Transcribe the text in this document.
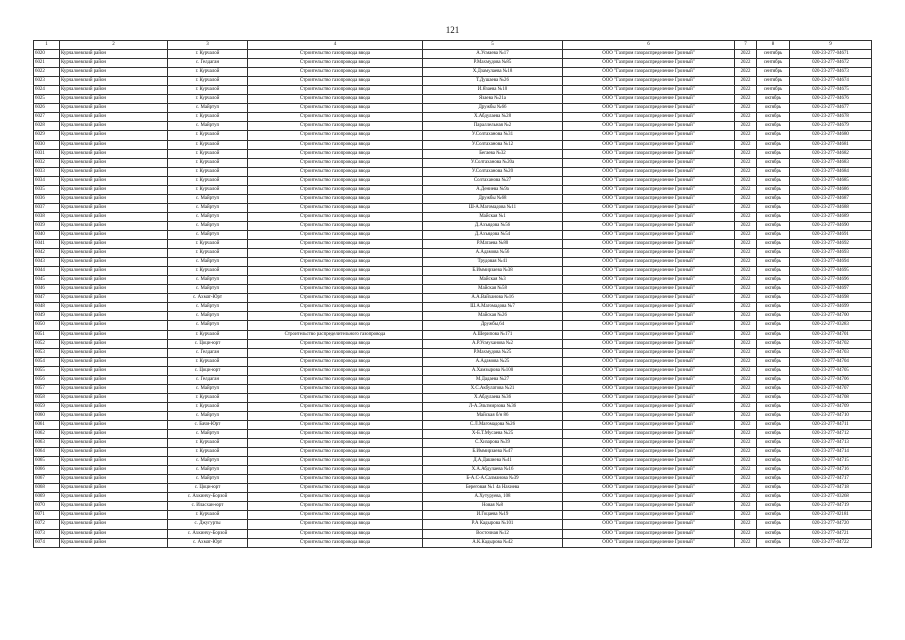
121
1	2	3	4	5	6	7	8	9
6020	Курчалоевский район	г. Курчалой	Строительство газопровода ввода	А.Усмаева №17	ООО "Газпром газораспределение Грозный"	2022	сентябрь	020-23-277-04671
6021	Курчалоевский район	с. Гелдаган	Строительство газопровода ввода	Р.Махмудова №85	ООО "Газпром газораспределение Грозный"	2022	сентябрь	020-23-277-04672
6022	Курчалоевский район	г. Курчалой	Строительство газопровода ввода	Х.Дзамулаева №18	ООО "Газпром газораспределение Грозный"	2022	сентябрь	020-23-277-04673
6023	Курчалоевский район	г. Курчалой	Строительство газопровода ввода	Т.Душаева №26	ООО "Газпром газораспределение Грозный"	2022	сентябрь	020-23-277-04674
6024	Курчалоевский район	г. Курчалой	Строительство газопровода ввода	И.Язаева №10	ООО "Газпром газораспределение Грозный"	2022	сентябрь	020-23-277-04675
6025	Курчалоевский район	г. Курчалой	Строительство газопровода ввода	Язаева №21а	ООО "Газпром газораспределение Грозный"	2022	октябрь	020-23-277-04676
6026	Курчалоевский район	с. Майртуп	Строительство газопровода ввода	Дружбы №66	ООО "Газпром газораспределение Грозный"	2022	октябрь	020-23-277-04677
6027	Курчалоевский район	г. Курчалой	Строительство газопровода ввода	Х.Абдулаева №28	ООО "Газпром газораспределение Грозный"	2022	октябрь	020-23-277-04678
6028	Курчалоевский район	с. Майртуп	Строительство газопровода ввода	Параллельная №2	ООО "Газпром газораспределение Грозный"	2022	октябрь	020-23-277-04679
6029	Курчалоевский район	г. Курчалой	Строительство газопровода ввода	У.Солтаханова №31	ООО "Газпром газораспределение Грозный"	2022	октябрь	020-23-277-04680
6030	Курчалоевский район	г. Курчалой	Строительство газопровода ввода	У.Солтаханова №12	ООО "Газпром газораспределение Грозный"	2022	октябрь	020-23-277-04681
6031	Курчалоевский район	г. Курчалой	Строительство газопровода ввода	Бегаева №32	ООО "Газпром газораспределение Грозный"	2022	октябрь	020-23-277-04682
6032	Курчалоевский район	г. Курчалой	Строительство газопровода ввода	У.Солтаханова №20а	ООО "Газпром газораспределение Грозный"	2022	октябрь	020-23-277-04683
6033	Курчалоевский район	г. Курчалой	Строительство газопровода ввода	У.Солтаханова №20	ООО "Газпром газораспределение Грозный"	2022	октябрь	020-23-277-04684
6034	Курчалоевский район	г. Курчалой	Строительство газопровода ввода	Солтаханова №27	ООО "Газпром газораспределение Грозный"	2022	октябрь	020-23-277-04685
6035	Курчалоевский район	г. Курчалой	Строительство газопровода ввода	А.Дениева №9а	ООО "Газпром газораспределение Грозный"	2022	октябрь	020-23-277-04686
6036	Курчалоевский район	с. Майртуп	Строительство газопровода ввода	Дружбы №68	ООО "Газпром газораспределение Грозный"	2022	октябрь	020-23-277-04687
6037	Курчалоевский район	с. Майртуп	Строительство газопровода ввода	Ш-А.Магомадова №11	ООО "Газпром газораспределение Грозный"	2022	октябрь	020-23-277-04688
6038	Курчалоевский район	с. Майртуп	Строительство газопровода ввода	Майская №1	ООО "Газпром газораспределение Грозный"	2022	октябрь	020-23-277-04689
6039	Курчалоевский район	с. Майртуп	Строительство газопровода ввода	Д.Ахъядова №56	ООО "Газпром газораспределение Грозный"	2022	октябрь	020-23-277-04690
6040	Курчалоевский район	с. Майртуп	Строительство газопровода ввода	Д.Ахъядова №54	ООО "Газпром газораспределение Грозный"	2022	октябрь	020-23-277-04691
6041	Курчалоевский район	г. Курчалой	Строительство газопровода ввода	Р.Матаева №80	ООО "Газпром газораспределение Грозный"	2022	октябрь	020-23-277-04692
6042	Курчалоевский район	г. Курчалой	Строительство газопровода ввода	А.Адамова №56	ООО "Газпром газораспределение Грозный"	2022	октябрь	020-23-277-04693
6043	Курчалоевский район	с. Майртуп	Строительство газопровода ввода	Трудовая №41	ООО "Газпром газораспределение Грозный"	2022	октябрь	020-23-277-04694
6044	Курчалоевский район	г. Курчалой	Строительство газопровода ввода	Б.Иммирзаева №38	ООО "Газпром газораспределение Грозный"	2022	октябрь	020-23-277-04695
6045	Курчалоевский район	с. Майртуп	Строительство газопровода ввода	Майская №3	ООО "Газпром газораспределение Грозный"	2022	октябрь	020-23-277-04696
6046	Курчалоевский район	с. Майртуп	Строительство газопровода ввода	Майская №58	ООО "Газпром газораспределение Грозный"	2022	октябрь	020-23-277-04697
6047	Курчалоевский район	с. Ахмат-Юрт	Строительство газопровода ввода	А.А.Вайханова №16	ООО "Газпром газораспределение Грозный"	2022	октябрь	020-23-277-04698
6048	Курчалоевский район	с. Майртуп	Строительство газопровода ввода	Ш.А.Магомадова №7	ООО "Газпром газораспределение Грозный"	2022	октябрь	020-23-277-04699
6049	Курчалоевский район	с. Майртуп	Строительство газопровода ввода	Майская №26	ООО "Газпром газораспределение Грозный"	2022	октябрь	020-23-277-04700
6050	Курчалоевский район	с. Майртуп	Строительство газопровода ввода	Дружбы,64	ООО "Газпром газораспределение Грозный"	2022	октябрь	020-22-277-03283
6051	Курчалоевский район	г. Курчалой	Строительство распределительного газопровода	А.Шерипова №171	ООО "Газпром газораспределение Грозный"	2022	октябрь	020-23-277-04701
6052	Курчалоевский район	с. Цоци-юрт	Строительство газопровода ввода	А.Р.Усмуханова №2	ООО "Газпром газораспределение Грозный"	2022	октябрь	020-23-277-04702
6053	Курчалоевский район	с. Гелдаган	Строительство газопровода ввода	Р.Махмудова №25	ООО "Газпром газораспределение Грозный"	2022	октябрь	020-23-277-04703
6054	Курчалоевский район	г. Курчалой	Строительство газопровода ввода	А.Адамова №25	ООО "Газпром газораспределение Грозный"	2022	октябрь	020-23-277-04704
6055	Курчалоевский район	с. Цоци-юрт	Строительство газопровода ввода	А.Хамзырова №100	ООО "Газпром газораспределение Грозный"	2022	октябрь	020-23-277-04705
6056	Курчалоевский район	с. Гелдаган	Строительство газопровода ввода	М.Дадаева №27	ООО "Газпром газораспределение Грозный"	2022	октябрь	020-23-277-04706
6057	Курчалоевский район	с. Майртуп	Строительство газопровода ввода	Х.С.Акбулатова №21	ООО "Газпром газораспределение Грозный"	2022	октябрь	020-23-277-04707
6058	Курчалоевский район	г. Курчалой	Строительство газопровода ввода	Х.Абдулаева №36	ООО "Газпром газораспределение Грозный"	2022	октябрь	020-23-277-04708
6059	Курчалоевский район	г. Курчалой	Строительство газопровода ввода	Л-А.Эльтмирзова №36	ООО "Газпром газораспределение Грозный"	2022	октябрь	020-23-277-04709
6060	Курчалоевский район	с. Майртуп	Строительство газопровода ввода	Майская б/н 86	ООО "Газпром газораспределение Грозный"	2022	октябрь	020-23-277-04710
6061	Курчалоевский район	с. Бачи-Юрт	Строительство газопровода ввода	С.Л.Магомадова №26	ООО "Газпром газораспределение Грозный"	2022	октябрь	020-23-277-04711
6062	Курчалоевский район	с. Майртуп	Строительство газопровода ввода	Х-Б.Т.Мусаева №25	ООО "Газпром газораспределение Грозный"	2022	октябрь	020-23-277-04712
6063	Курчалоевский район	г. Курчалой	Строительство газопровода ввода	С.Хизарова №39	ООО "Газпром газораспределение Грозный"	2022	октябрь	020-23-277-04713
6064	Курчалоевский район	г. Курчалой	Строительство газопровода ввода	Б.Иммирзаева №47	ООО "Газпром газораспределение Грозный"	2022	октябрь	020-23-277-04714
6065	Курчалоевский район	с. Майртуп	Строительство газопровода ввода	Д.А.Дашиева №41	ООО "Газпром газораспределение Грозный"	2022	октябрь	020-23-277-04715
6066	Курчалоевский район	с. Майртуп	Строительство газопровода ввода	Х.А.Абдулаева №16	ООО "Газпром газораспределение Грозный"	2022	октябрь	020-23-277-04716
6067	Курчалоевский район	с. Майртуп	Строительство газопровода ввода	Б-А.С-А.Салманова №39	ООО "Газпром газораспределение Грозный"	2022	октябрь	020-23-277-04717
6068	Курчалоевский район	с. Цоци-юрт	Строительство газопровода ввода	Береговая №1 4а Нахиева	ООО "Газпром газораспределение Грозный"	2022	октябрь	020-23-277-04718
6069	Курчалоевский район	с. Ахкинчу-Борзой	Строительство газопровода ввода	А.Хутуруева, 108	ООО "Газпром газораспределение Грозный"	2022	октябрь	020-23-277-03268
6070	Курчалоевский район	с. Иласхан-юрт	Строительство газопровода ввода	Новая №8	ООО "Газпром газораспределение Грозный"	2022	октябрь	020-23-277-04719
6071	Курчалоевский район	г. Курчалой	Строительство газопровода ввода	И.Гоцаева №19	ООО "Газпром газораспределение Грозный"	2022	октябрь	020-23-277-02181
6072	Курчалоевский район	с. Джугурты	Строительство газопровода ввода	Р.А Кадырова №101	ООО "Газпром газораспределение Грозный"	2022	октябрь	020-23-277-04720
6073	Курчалоевский район	с. Ахкинчу-Борзой	Строительство газопровода ввода	Восточная №12	ООО "Газпром газораспределение Грозный"	2022	октябрь	020-23-277-04721
6074	Курчалоевский район	с. Ахмат-Юрт	Строительство газопровода ввода	А.К.Кадырова №42	ООО "Газпром газораспределение Грозный"	2022	октябрь	020-23-277-04722
